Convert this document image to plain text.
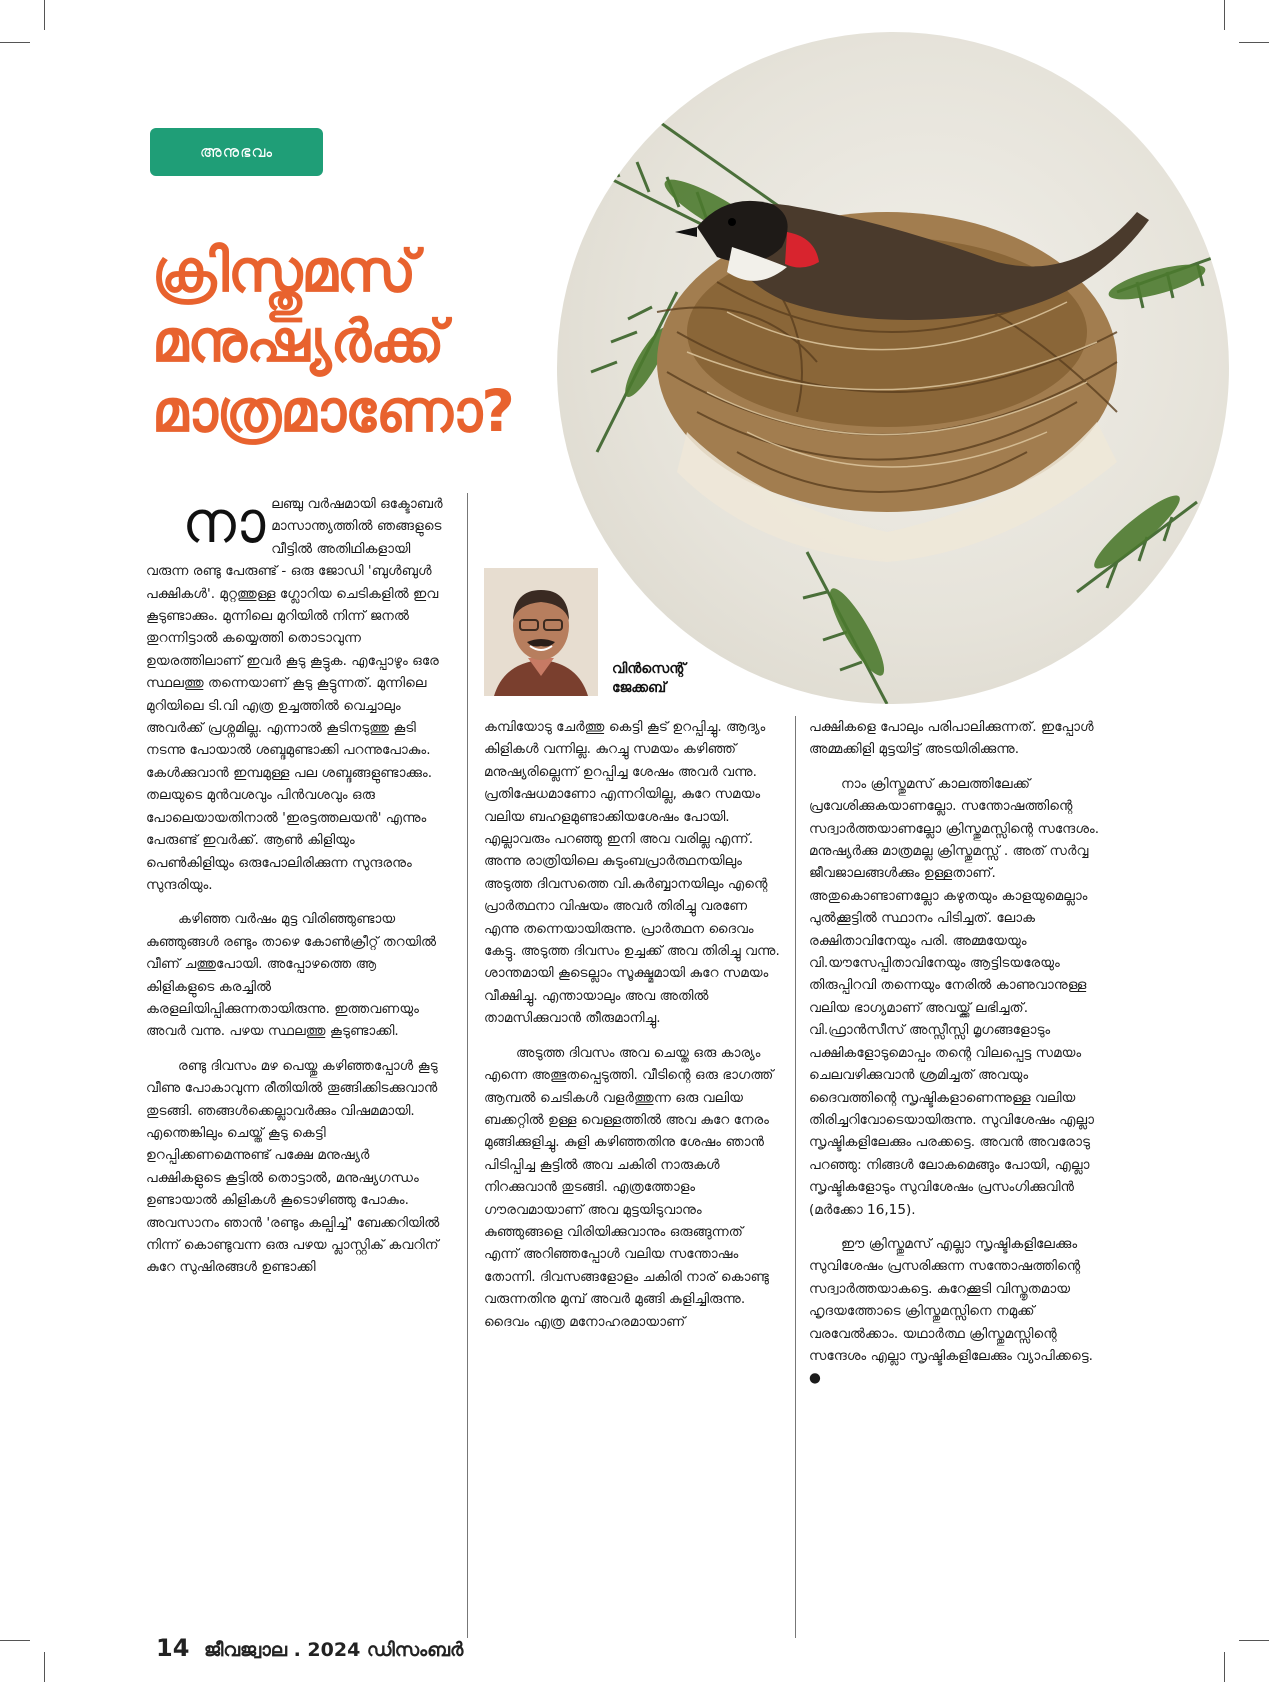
അനുഭവം
ക്രിസ്തുമസ്
മനുഷ്യർക്ക്
മാത്രമാണോ?
വിൻസെന്റ്
ജേക്കബ്

നാലഞ്ചു വർഷമായി ഒക്ടോബർ മാസാന്ത്യത്തിൽ ഞങ്ങളുടെ വീട്ടിൽ അതിഥികളായി വരുന്ന രണ്ടു പേരുണ്ട് - ഒരു ജോഡി 'ബുൾബുൾ പക്ഷികൾ'. മുറ്റത്തുള്ള ഗ്ലോറിയ ചെടികളിൽ ഇവ കൂടുണ്ടാക്കും. മുന്നിലെ മുറിയിൽ നിന്ന് ജനൽ തുറന്നിട്ടാൽ കയ്യെത്തി തൊടാവുന്ന ഉയരത്തിലാണ് ഇവർ കൂടു കൂട്ടുക. എപ്പോഴും ഒരേ സ്ഥലത്തു തന്നെയാണ് കൂടു കൂട്ടുന്നത്. മുന്നിലെ മുറിയിലെ ടി.വി എത്ര ഉച്ചത്തിൽ വെച്ചാലും അവർക്ക് പ്രശ്നമില്ല. എന്നാൽ കൂടിനടുത്തു കൂടി നടന്നു പോയാൽ ശബ്ദമുണ്ടാക്കി പറന്നുപോകും. കേൾക്കുവാൻ ഇമ്പമുള്ള പല ശബ്ദങ്ങളുണ്ടാക്കും. തലയുടെ മുൻവശവും പിൻവശവും ഒരു പോലെയായതിനാൽ 'ഇരട്ടത്തലയൻ' എന്നും പേരുണ്ട് ഇവർക്ക്. ആൺ കിളിയും പെൺകിളിയും ഒരുപോലിരിക്കുന്ന സുന്ദരനും സുന്ദരിയും.

കഴിഞ്ഞ വർഷം മുട്ട വിരിഞ്ഞുണ്ടായ കുഞ്ഞുങ്ങൾ രണ്ടും താഴെ കോൺക്രീറ്റ് തറയിൽ വീണ് ചത്തുപോയി. അപ്പോഴത്തെ ആ കിളികളുടെ കരച്ചിൽ കരളലിയിപ്പിക്കുന്നതായിരുന്നു. ഇത്തവണയും അവർ വന്നു. പഴയ സ്ഥലത്തു കൂടുണ്ടാക്കി.

രണ്ടു ദിവസം മഴ പെയ്തു കഴിഞ്ഞപ്പോൾ കൂടു വീണു പോകാവുന്ന രീതിയിൽ തൂങ്ങിക്കിടക്കുവാൻ തുടങ്ങി. ഞങ്ങൾക്കെല്ലാവർക്കും വിഷമമായി. എന്തെങ്കിലും ചെയ്ത് കൂടു കെട്ടി ഉറപ്പിക്കണമെന്നുണ്ട് പക്ഷേ മനുഷ്യർ പക്ഷികളുടെ കൂട്ടിൽ തൊട്ടാൽ, മനുഷ്യഗന്ധം ഉണ്ടായാൽ കിളികൾ കൂടൊഴിഞ്ഞു പോകും. അവസാനം ഞാൻ 'രണ്ടും കല്പിച്ച്' ബേക്കറിയിൽ നിന്ന് കൊണ്ടുവന്ന ഒരു പഴയ പ്ലാസ്റ്റിക് കവറിന് കുറേ സുഷിരങ്ങൾ ഉണ്ടാക്കി

കമ്പിയോടു ചേർത്തു കെട്ടി കൂട് ഉറപ്പിച്ചു. ആദ്യം കിളികൾ വന്നില്ല. കുറച്ചു സമയം കഴിഞ്ഞ് മനുഷ്യരില്ലെന്ന് ഉറപ്പിച്ച ശേഷം അവർ വന്നു. പ്രതിഷേധമാണോ എന്നറിയില്ല, കുറേ സമയം വലിയ ബഹളമുണ്ടാക്കിയശേഷം പോയി. എല്ലാവരും പറഞ്ഞു ഇനി അവ വരില്ല എന്ന്. അന്നു രാത്രിയിലെ കുടുംബപ്രാർത്ഥനയിലും അടുത്ത ദിവസത്തെ വി.കുർബ്ബാനയിലും എന്റെ പ്രാർത്ഥനാ വിഷയം അവർ തിരിച്ചു വരണേ എന്നു തന്നെയായിരുന്നു. പ്രാർത്ഥന ദൈവം കേട്ടു. അടുത്ത ദിവസം ഉച്ചക്ക് അവ തിരിച്ചു വന്നു. ശാന്തമായി കൂടെല്ലാം സൂക്ഷ്മമായി കുറേ സമയം വീക്ഷിച്ചു. എന്തായാലും അവ അതിൽ താമസിക്കുവാൻ തീരുമാനിച്ചു.

അടുത്ത ദിവസം അവ ചെയ്ത ഒരു കാര്യം എന്നെ അത്ഭുതപ്പെടുത്തി. വീടിന്റെ ഒരു ഭാഗത്ത് ആമ്പൽ ചെടികൾ വളർത്തുന്ന ഒരു വലിയ ബക്കറ്റിൽ ഉള്ള വെള്ളത്തിൽ അവ കുറേ നേരം മുങ്ങിക്കുളിച്ചു. കുളി കഴിഞ്ഞതിനു ശേഷം ഞാൻ പിടിപ്പിച്ച കൂട്ടിൽ അവ ചകിരി നാരുകൾ നിറക്കുവാൻ തുടങ്ങി. എത്രത്തോളം ഗൗരവമായാണ് അവ മുട്ടയിടുവാനും കുഞ്ഞുങ്ങളെ വിരിയിക്കുവാനും ഒരുങ്ങുന്നത് എന്ന് അറിഞ്ഞപ്പോൾ വലിയ സന്തോഷം തോന്നി. ദിവസങ്ങളോളം ചകിരി നാര് കൊണ്ടു വരുന്നതിനു മുമ്പ് അവർ മുങ്ങി കുളിച്ചിരുന്നു. ദൈവം എത്ര മനോഹരമായാണ്

പക്ഷികളെ പോലും പരിപാലിക്കുന്നത്. ഇപ്പോൾ അമ്മക്കിളി മുട്ടയിട്ട് അടയിരിക്കുന്നു.

നാം ക്രിസ്തുമസ് കാലത്തിലേക്ക് പ്രവേശിക്കുകയാണല്ലോ. സന്തോഷത്തിന്റെ സദ്വാർത്തയാണല്ലോ ക്രിസ്തുമസ്സിന്റെ സന്ദേശം. മനുഷ്യർക്കു മാത്രമല്ല ക്രിസ്തുമസ്സ് . അത് സർവ്വ ജീവജാലങ്ങൾക്കും ഉള്ളതാണ്. അതുകൊണ്ടാണല്ലോ കഴുതയും കാളയുമെല്ലാം പുൽക്കൂട്ടിൽ സ്ഥാനം പിടിച്ചത്. ലോക രക്ഷിതാവിനേയും പരി. അമ്മയേയും വി.യൗസേപ്പിതാവിനേയും ആട്ടിടയരേയും തിരുപ്പിറവി തന്നെയും നേരിൽ കാണുവാനുള്ള വലിയ ഭാഗ്യമാണ് അവയ്ക്ക് ലഭിച്ചത്. വി.ഫ്രാൻസീസ് അസ്സീസ്സി മൃഗങ്ങളോടും പക്ഷികളോടുമൊപ്പം തന്റെ വിലപ്പെട്ട സമയം ചെലവഴിക്കുവാൻ ശ്രമിച്ചത് അവയും ദൈവത്തിന്റെ സൃഷ്ടികളാണെന്നുള്ള വലിയ തിരിച്ചറിവോടെയായിരുന്നു. സുവിശേഷം എല്ലാ സൃഷ്ടികളിലേക്കും പരക്കട്ടെ. അവൻ അവരോടു പറഞ്ഞു: നിങ്ങൾ ലോകമെങ്ങും പോയി, എല്ലാ സൃഷ്ടികളോടും സുവിശേഷം പ്രസംഗിക്കുവിൻ (മർക്കോ 16,15).

ഈ ക്രിസ്തുമസ് എല്ലാ സൃഷ്ടികളിലേക്കും സുവിശേഷം പ്രസരിക്കുന്ന സന്തോഷത്തിന്റെ സദ്വാർത്തയാകട്ടെ. കുറേക്കൂടി വിസ്തൃതമായ ഹൃദയത്തോടെ ക്രിസ്തുമസ്സിനെ നമുക്ക് വരവേൽക്കാം. യഥാർത്ഥ ക്രിസ്തുമസ്സിന്റെ സന്ദേശം എല്ലാ സൃഷ്ടികളിലേക്കും വ്യാപിക്കട്ടെ. ●

14 ജീവജ്വാല . 2024 ഡിസംബർ
